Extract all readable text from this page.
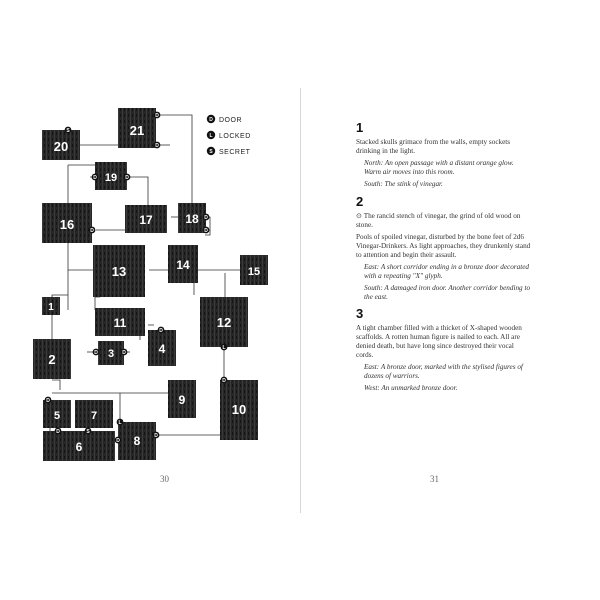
21
20
19
16	17	18
13	14	15
1
12
11
4
2	3
9
10
5	7
6	8
D
D
S
D	D
D
D
D
D
D	D
L
D
D
L
D	S
D
D
D DOOR
L LOCKED
S SECRET
30	31
1

Stacked skulls grimace from the walls, empty sockets drinking in the light.

North: An open passage with a distant orange glow. Warm air moves into this room.

South: The stink of vinegar.

2

⊙ The rancid stench of vinegar, the grind of old wood on stone.

Pools of spoiled vinegar, disturbed by the bone feet of 2d6 Vinegar-Drinkers. As light approaches, they drunkenly stand to attention and begin their assault.

East: A short corridor ending in a bronze door decorated with a repeating "X" glyph.

South: A damaged iron door. Another corridor bending to the east.

3

A tight chamber filled with a thicket of X-shaped wooden scaffolds. A rotten human figure is nailed to each. All are denied death, but have long since destroyed their vocal cords.

East: A bronze door, marked with the stylised figures of dozens of warriors.

West: An unmarked bronze door.
